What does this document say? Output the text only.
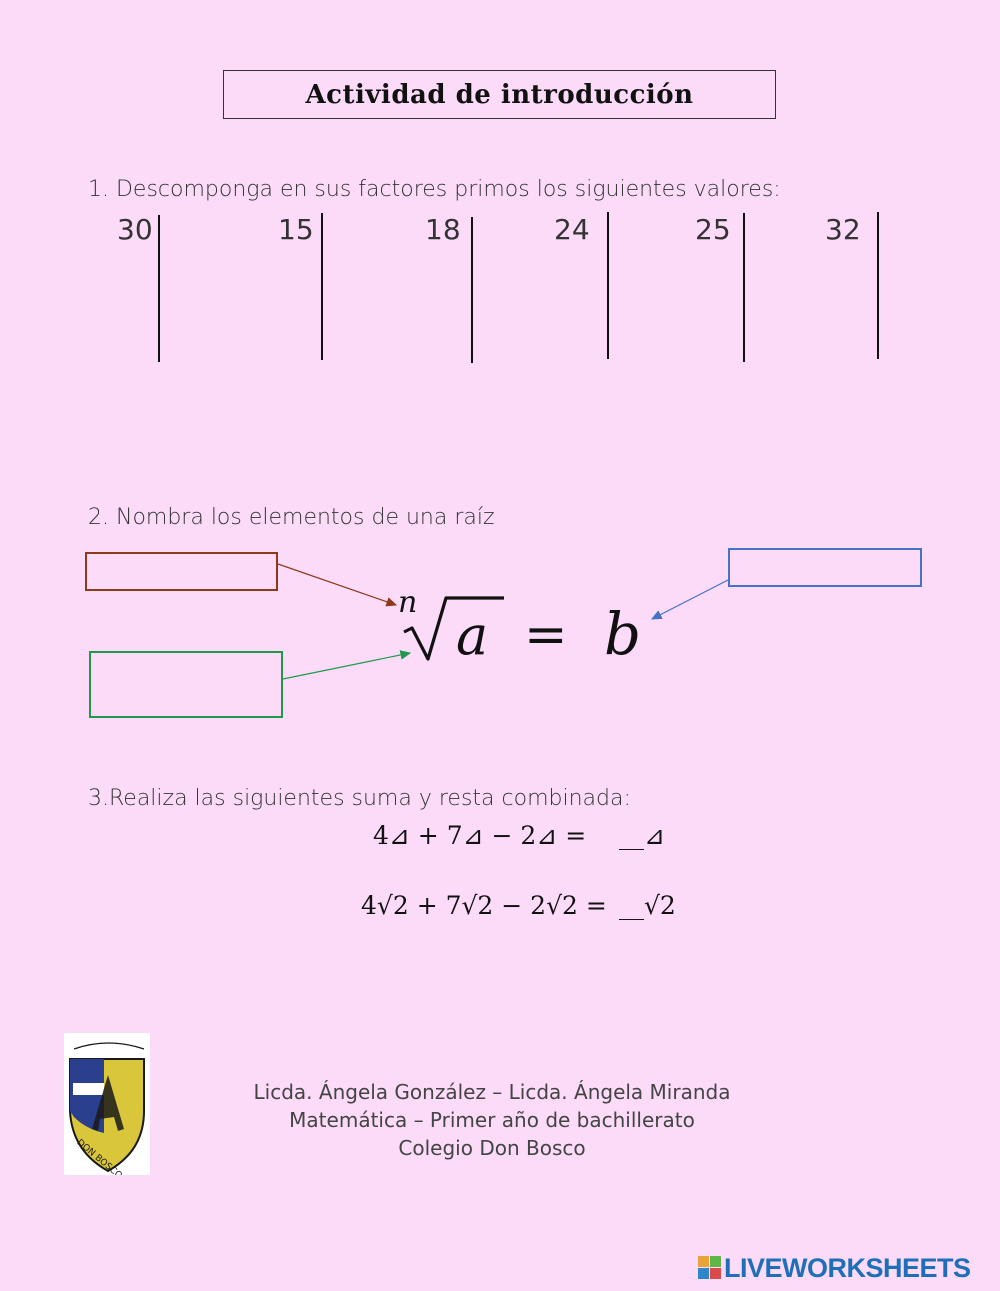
Actividad de introducción
1. Descomponga en sus factores primos los siguientes valores:
30	15	18	24	25	32
2. Nombra los elementos de una raíz
n
a = b
3.Realiza las siguientes suma y resta combinada:
4⊿ + 7⊿ − 2⊿ = __⊿
4√2 + 7√2 − 2√2 = __√2
DON BOSCO
Licda. Ángela González – Licda. Ángela Miranda
Matemática – Primer año de bachillerato
Colegio Don Bosco
LIVEWORKSHEETS
